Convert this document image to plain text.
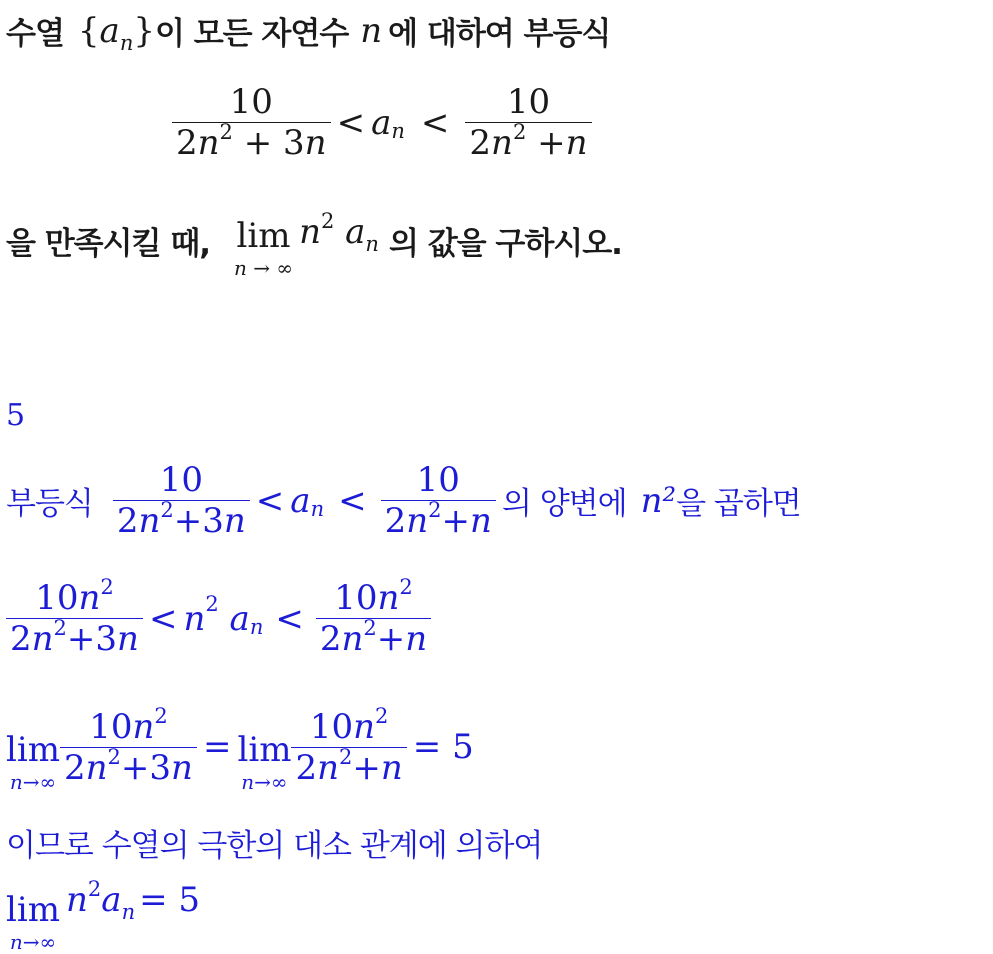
수열 $\{a_n\}$ 이 모든 자연수 n 에 대하여 부등식
$\frac{10}{2 n 2 + 3 n} < a$ $n < \frac{10}{2 n 2 + n}$
을 만족시킬 때, lim
n → ∞
n2 an 의 값을 구하시오.
5
부등식 $\frac{10}{2 n 2 +3 n} < a$ $n < \frac{10}{2 n 2 + n}$ 의 양변에 n² 을 곱하면
$\frac{10 n 2}{2 n 2 +3 n} < n$ 2 a $n < \frac{10 n 2}{2 n 2 + n}$
lim
$n\to\infty \frac{10 n 2}{2 n 2 +3 n} = \lim$
$n\to\infty \frac{10 n 2}{2 n 2 + n} = 5$
이므로 수열의 극한의 대소 관계에 의하여
lim
n→∞
n2an = 5
